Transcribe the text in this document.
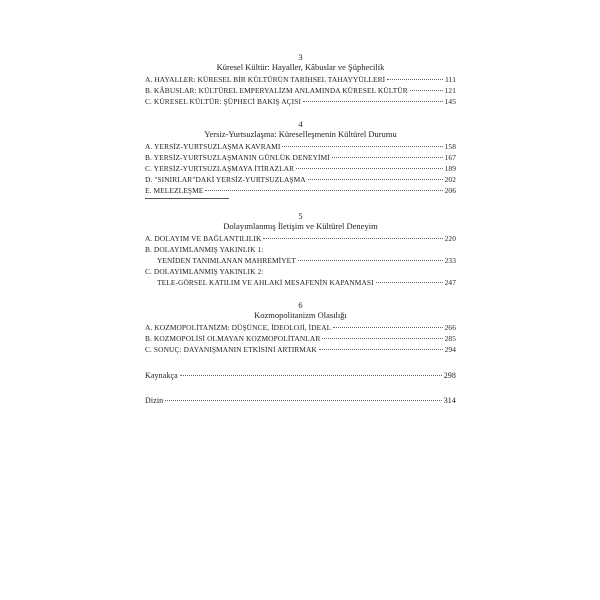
3

Küresel Kültür: Hayaller, Kâbuslar ve Şüphecilik

A. HAYALLER: KÜRESEL BİR KÜLTÜRÜN TARİHSEL TAHAYYÜLLERİ	111
B. KÂBUSLAR: KÜLTÜREL EMPERYALİZM ANLAMINDA KÜRESEL KÜLTÜR	121
C. KÜRESEL KÜLTÜR: ŞÜPHECİ BAKIŞ AÇISI	145

4

Yersiz-Yurtsuzlaşma: Küreselleşmenin Kültürel Durumu

A. YERSİZ-YURTSUZLAŞMA KAVRAMI	158
B. YERSİZ-YURTSUZLAŞMANIN GÜNLÜK DENEYİMİ	167
C. YERSİZ-YURTSUZLAŞMAYA İTİRAZLAR	189
D. "SINIRLAR"DAKİ YERSİZ-YURTSUZLAŞMA	202
E. MELEZLEŞME	206

5

Dolayımlanmış İletişim ve Kültürel Deneyim

A. DOLAYIM VE BAĞLANTILILIK	220
B. DOLAYIMLANMIŞ YAKINLIK 1:
YENİDEN TANIMLANAN MAHREMİYET	233
C. DOLAYIMLANMIŞ YAKINLIK 2:
TELE-GÖRSEL KATILIM VE AHLAKİ MESAFENİN KAPANMASI	247

6

Kozmopolitanizm Olasılığı

A. KOZMOPOLİTANİZM: DÜŞÜNCE, İDEOLOJİ, İDEAL	266
B. KOZMOPOLİSİ OLMAYAN KOZMOPOLİTANLAR	285
C. SONUÇ: DAYANIŞMANIN ETKİSİNİ ARTIRMAK	294
Kaynakça	298
Dizin	314
